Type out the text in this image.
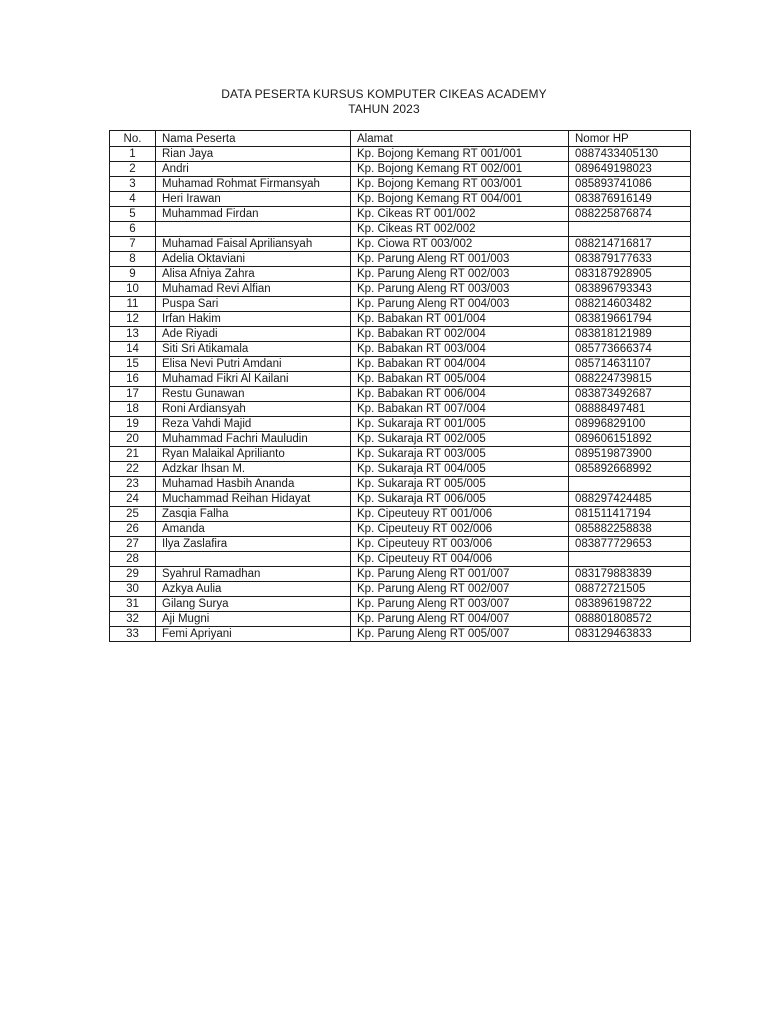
DATA PESERTA KURSUS KOMPUTER CIKEAS ACADEMY
TAHUN 2023
No.	Nama Peserta	Alamat	Nomor HP
1	Rian Jaya	Kp. Bojong Kemang RT 001/001	0887433405130
2	Andri	Kp. Bojong Kemang RT 002/001	089649198023
3	Muhamad Rohmat Firmansyah	Kp. Bojong Kemang RT 003/001	085893741086
4	Heri Irawan	Kp. Bojong Kemang RT 004/001	083876916149
5	Muhammad Firdan	Kp. Cikeas RT 001/002	088225876874
6		Kp. Cikeas RT 002/002	
7	Muhamad Faisal Apriliansyah	Kp. Ciowa RT 003/002	088214716817
8	Adelia Oktaviani	Kp. Parung Aleng RT 001/003	083879177633
9	Alisa Afniya Zahra	Kp. Parung Aleng RT 002/003	083187928905
10	Muhamad Revi Alfian	Kp. Parung Aleng RT 003/003	083896793343
11	Puspa Sari	Kp. Parung Aleng RT 004/003	088214603482
12	Irfan Hakim	Kp. Babakan RT 001/004	083819661794
13	Ade Riyadi	Kp. Babakan RT 002/004	083818121989
14	Siti Sri Atikamala	Kp. Babakan RT 003/004	085773666374
15	Elisa Nevi Putri Amdani	Kp. Babakan RT 004/004	085714631107
16	Muhamad Fikri Al Kailani	Kp. Babakan RT 005/004	088224739815
17	Restu Gunawan	Kp. Babakan RT 006/004	083873492687
18	Roni Ardiansyah	Kp. Babakan RT 007/004	08888497481
19	Reza Vahdi Majid	Kp. Sukaraja RT 001/005	08996829100
20	Muhammad Fachri Mauludin	Kp. Sukaraja RT 002/005	089606151892
21	Ryan Malaikal Aprilianto	Kp. Sukaraja RT 003/005	089519873900
22	Adzkar Ihsan M.	Kp. Sukaraja RT 004/005	085892668992
23	Muhamad Hasbih Ananda	Kp. Sukaraja RT 005/005	
24	Muchammad Reihan Hidayat	Kp. Sukaraja RT 006/005	088297424485
25	Zasqia Falha	Kp. Cipeuteuy RT 001/006	081511417194
26	Amanda	Kp. Cipeuteuy RT 002/006	085882258838
27	Ilya Zaslafira	Kp. Cipeuteuy RT 003/006	083877729653
28		Kp. Cipeuteuy RT 004/006	
29	Syahrul Ramadhan	Kp. Parung Aleng RT 001/007	083179883839
30	Azkya Aulia	Kp. Parung Aleng RT 002/007	08872721505
31	Gilang Surya	Kp. Parung Aleng RT 003/007	083896198722
32	Aji Mugni	Kp. Parung Aleng RT 004/007	088801808572
33	Femi Apriyani	Kp. Parung Aleng RT 005/007	083129463833
